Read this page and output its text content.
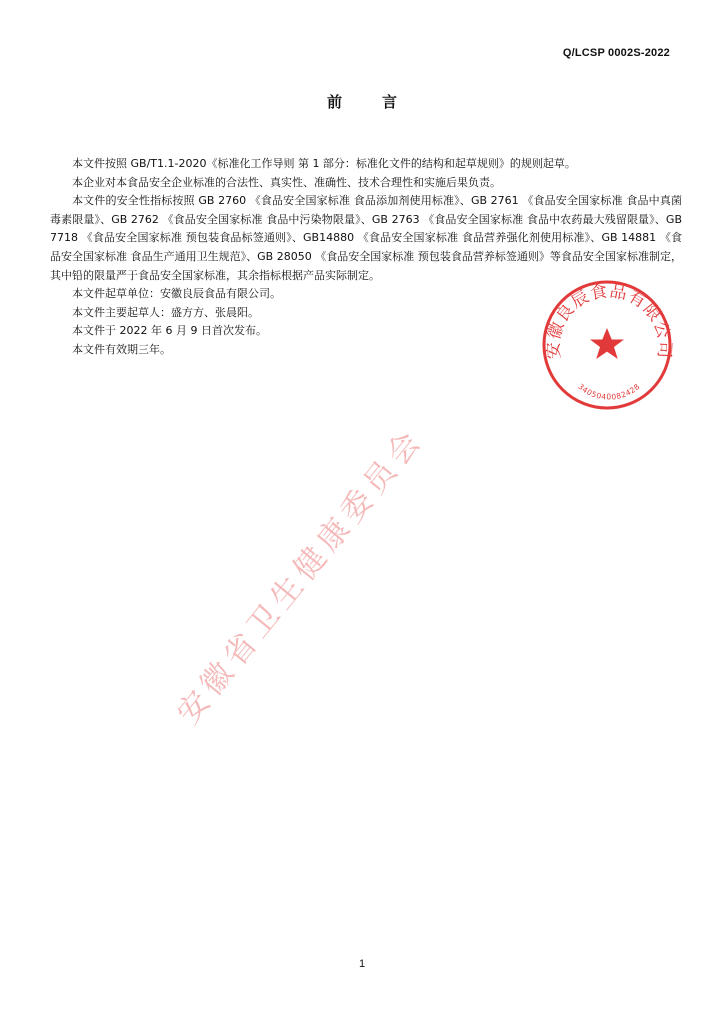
Q/LCSP 0002S-2022
前言

本文件按照 GB/T1.1-2020《标准化工作导则 第 1 部分：标准化文件的结构和起草规则》的规则起草。

本企业对本食品安全企业标准的合法性、真实性、准确性、技术合理性和实施后果负责。

本文件的安全性指标按照 GB 2760 《食品安全国家标准 食品添加剂使用标准》、GB 2761 《食品安全国家标准 食品中真菌毒素限量》、GB 2762 《食品安全国家标准 食品中污染物限量》、GB 2763 《食品安全国家标准 食品中农药最大残留限量》、GB 7718 《食品安全国家标准 预包装食品标签通则》、GB14880 《食品安全国家标准 食品营养强化剂使用标准》、GB 14881 《食品安全国家标准 食品生产通用卫生规范》、GB 28050 《食品安全国家标准 预包装食品营养标签通则》等食品安全国家标准制定，其中铅的限量严于食品安全国家标准，其余指标根据产品实际制定。

本文件起草单位：安徽良辰食品有限公司。

本文件主要起草人：盛方方、张晨阳。

本文件于 2022 年 6 月 9 日首次发布。

本文件有效期三年。

安徽省卫生健康委员会
安徽良辰食品有限公司
3405040082428
1
